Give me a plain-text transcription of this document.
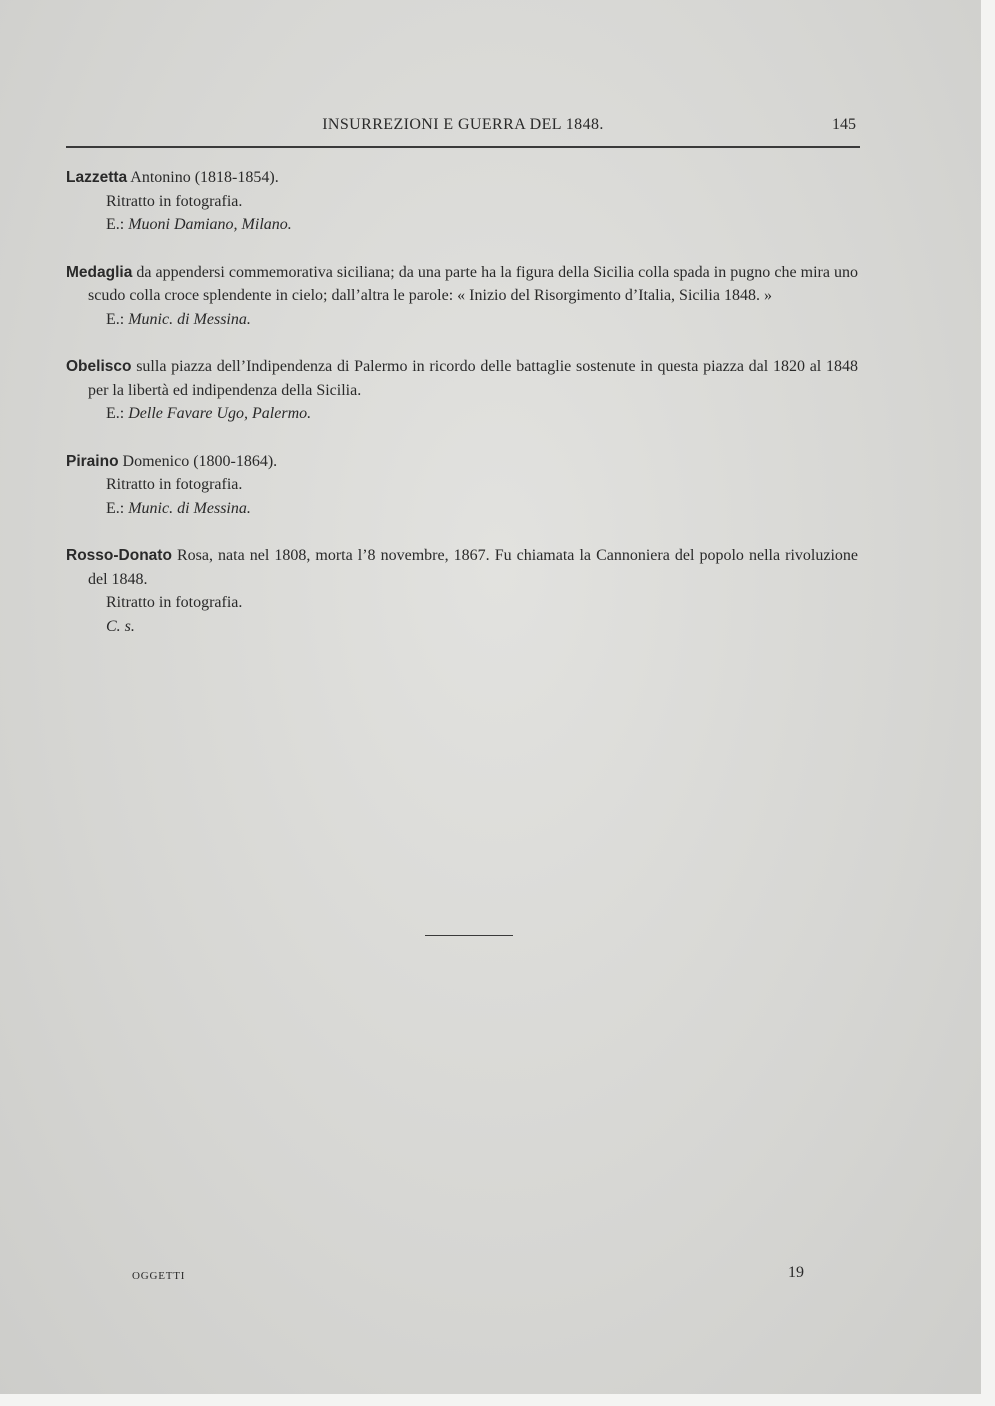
INSURREZIONI E GUERRA DEL 1848.	145

Lazzetta Antonino (1818-1854).

Ritratto in fotografia.

E.: Muoni Damiano, Milano.

Medaglia da appendersi commemorativa siciliana; da una parte ha la figura della Sicilia colla spada in pugno che mira uno scudo colla croce splendente in cielo; dall’altra le parole: « Inizio del Risorgimento d’Italia, Sicilia 1848. »

E.: Munic. di Messina.

Obelisco sulla piazza dell’Indipendenza di Palermo in ricordo delle battaglie sostenute in questa piazza dal 1820 al 1848 per la libertà ed indipendenza della Sicilia.

E.: Delle Favare Ugo, Palermo.

Piraino Domenico (1800-1864).

Ritratto in fotografia.

E.: Munic. di Messina.

Rosso-Donato Rosa, nata nel 1808, morta l’8 novembre, 1867. Fu chiamata la Cannoniera del popolo nella rivoluzione del 1848.

Ritratto in fotografia.

C. s.

OGGETTI	19
